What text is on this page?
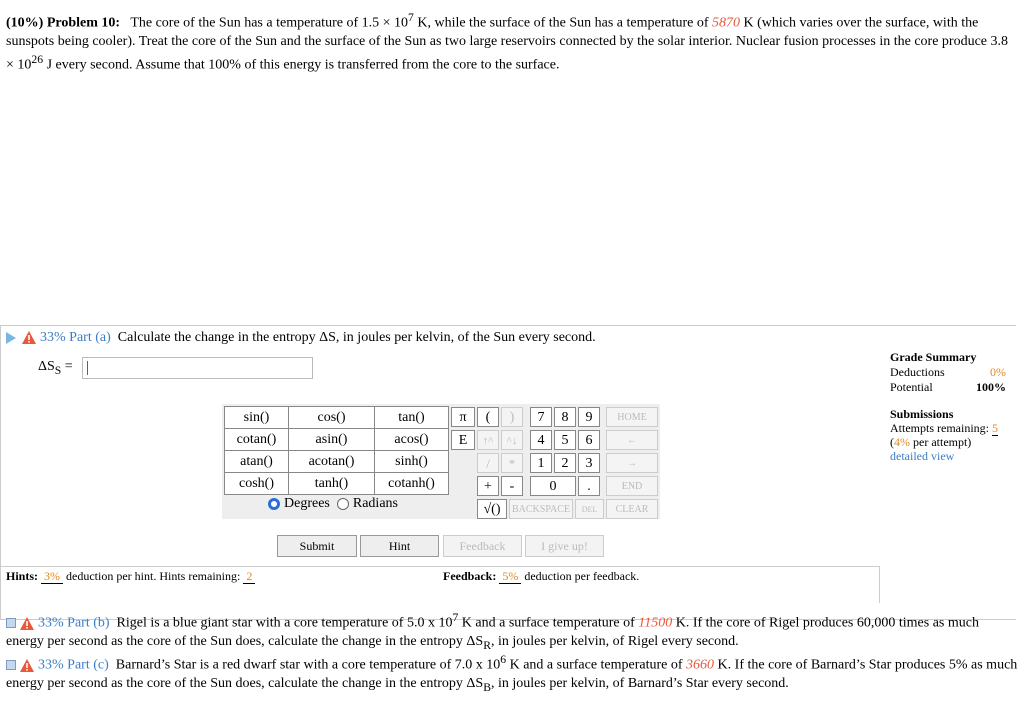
(10%) Problem 10: The core of the Sun has a temperature of $1.5 \times 10^7$ K, while the surface of the Sun has a temperature of 5870 K (which varies over the surface, with the sunspots being cooler). Treat the core of the Sun and the surface of the Sun as two large reservoirs connected by the solar interior. Nuclear fusion processes in the core produce $3.8 \times 10^{26}$ J every second. Assume that 100% of this energy is transferred from the core to the surface.
33% Part (a) Calculate the change in the entropy ΔS, in joules per kelvin, of the Sun every second.
$\Delta S_S$ =
Grade Summary
Deductions	0%
Potential	100%
Submissions
Attempts remaining: 5
(4% per attempt)
detailed view
sin()	cos()	tan()
cotan()	asin()	acos()
atan()	acotan()	sinh()
cosh()	tanh()	cotanh()
π	(	)
E	↑^	^↓
/	*
+	-
√()
7	8	9
4	5	6
1	2	3
0	.
HOME
←
→
END
BACKSPACE	DEL	CLEAR
Degrees Radians
Submit	Hint	Feedback	I give up!
Hints: 3% deduction per hint. Hints remaining: 2	Feedback: 5% deduction per feedback.
33% Part (b) Rigel is a blue giant star with a core temperature of 5.0 x $10^7$ K and a surface temperature of 11500 K. If the core of Rigel produces 60,000 times as much energy per second as the core of the Sun does, calculate the change in the entropy $\Delta S_R$, in joules per kelvin, of Rigel every second.
33% Part (c) Barnard’s Star is a red dwarf star with a core temperature of 7.0 x $10^6$ K and a surface temperature of 3660 K. If the core of Barnard’s Star produces 5% as much energy per second as the core of the Sun does, calculate the change in the entropy $\Delta S_B$, in joules per kelvin, of Barnard’s Star every second.
